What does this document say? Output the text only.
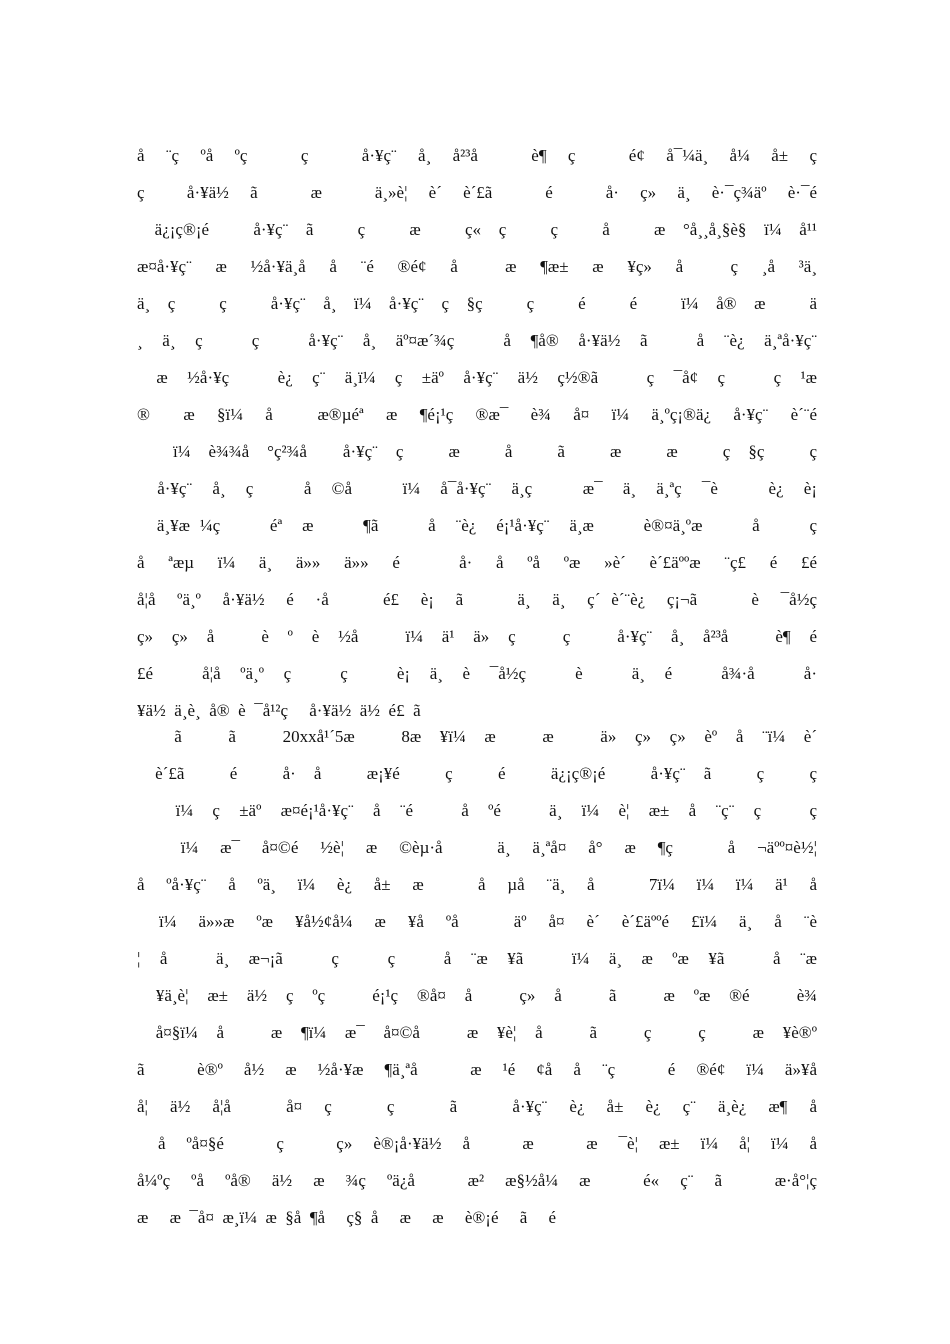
å  ¨ç  ºå  ºç     ç     å·¥ç¨  å¸  å²³å     è¶  ç     é¢  å¯¼ä¸  å¼  å±  ç
ç    å·¥ä½  ã     æ     ä¸»è¦  è´  è´£ã     é     å·  ç»  ä¸  è·¯ç¾äº  è·¯é
ä¿¡ç®¡é     å·¥ç¨  ã     ç     æ     ç«  ç     ç     å     æ  °å¸¸å¸§è§  ï¼  å¹¹
æ¤å·¥ç¨  æ  ½å·¥ä¸å  å  ¨é  ®é¢  å    æ  ¶æ±  æ  ¥ç»  å    ç  ¸å  ³ä¸
ä¸  ç     ç     å·¥ç¨  å¸  ï¼  å·¥ç¨  ç  §ç     ç     é     é     ï¼  å®  æ     ä
¸  ä¸  ç     ç     å·¥ç¨  å¸  äº¤æ´¾ç     å  ¶å®  å·¥ä½  ã     å  ¨è¿  ä¸ªå·¥ç¨
æ  ½å·¥ç     è¿  ç¨  ä¸ï¼  ç  ±äº  å·¥ç¨  ä½  ç½®ã     ç  ¯å¢  ç     ç  ¹æ
®   æ  §ï¼  å    æ®µéª  æ  ¶é¡¹ç  ®æ¯  è¾  å¤  ï¼  ä¸ºç¡®ä¿  å·¥ç¨  è´¨é
ï¼  è¾¾å  °ç²¾å    å·¥ç¨  ç     æ     å     ã     æ     æ     ç  §ç     ç
å·¥ç¨  å¸  ç     å  ©å     ï¼  å¯å·¥ç¨  ä¸ç     æ¯  ä¸  ä¸ªç  ¯è     è¿  è¡
ä¸¥æ ¼ç     éª  æ     ¶ã     å  ¨è¿  é¡¹å·¥ç¨  ä¸æ     è®¤ä¸ºæ     å     ç
å  ªæµ  ï¼  ä¸  ä»»  ä»»  é     å·  å  ºå  ºæ  »è´  è´£äººæ  ¨ç£  é  £é
å¦å  ºä¸º  å·¥ä½  é  ·å     é£  è¡  ã     ä¸  ä¸  ç´ è´¨è¿  ç¡¬ã     è  ¯å½ç
ç»  ç»  å     è  º  è  ½å     ï¼  ä¹  ä»  ç     ç     å·¥ç¨  å¸  å²³å     è¶  é
£é     å¦å  ºä¸º  ç     ç     è¡  ä¸  è  ¯å½ç     è     ä¸  é     å¾·å     å·
¥ä½  ä¸è¸  å®  è  ¯å¹²ç     å·¥ä½  ä½  é£  ã
ã     ã     20xxå¹´5æ     8æ  ¥ï¼  æ     æ     ä»  ç»  ç»  èº  å  ¨ï¼  è´
è´£ã     é     å·  å     æ¡¥é     ç     é     ä¿¡ç®¡é     å·¥ç¨  ã     ç     ç
ï¼  ç  ±äº  æ¤é¡¹å·¥ç¨  å  ¨é     å  ºé     ä¸  ï¼  è¦  æ±  å  ¨ç¨  ç     ç
ï¼  æ¯  å¤©é  ½è¦  æ  ©èµ·å     ä¸  ä¸ªå¤  å°  æ  ¶ç     å  ¬äºº¤è½¦
å  ºå·¥ç¨  å  ºä¸  ï¼  è¿  å±  æ     å  µå  ¨ä¸  å     7ï¼  ï¼  ï¼  ä¹  å
ï¼  ä»»æ  ºæ  ¥å½¢å¼  æ  ¥å  ºå     äº  å¤  è´  è´£äººé  £ï¼  ä¸  å  ¨è
¦  å     ä¸  æ¬¡ã     ç     ç     å  ¨æ  ¥ã     ï¼  ä¸  æ  ºæ  ¥ã     å  ¨æ
¥ä¸è¦  æ±  ä½  ç  ºç     é¡¹ç  ®å¤  å     ç»  å     ã     æ  ºæ  ®é     è¾
å¤§ï¼  å     æ  ¶ï¼  æ¯  å¤©å     æ  ¥è¦  å     ã     ç     ç     æ  ¥è®º
ã     è®º  å½  æ  ½å·¥æ  ¶ä¸ªå     æ  ¹é  ¢å  å  ¨ç     é  ®é¢  ï¼  ä»¥å
å¦  ä½  å¦å     å¤  ç     ç     ã     å·¥ç¨  è¿  å±  è¿  ç¨  ä¸è¿  æ¶  å
å  ºå¤§é     ç     ç»  è®¡å·¥ä½  å     æ     æ  ¯è¦  æ±  ï¼  å¦  ï¼  å
å¼ºç  ºå  ºå®  ä½  æ  ¾ç  ºä¿å     æ²  æ§½å¼  æ     é«  ç¨  ã     æ·å°¦ç
æ     æ  ¯å¤  æ¸ï¼  æ  §å  ¶å     ç§  å     æ     æ     è®¡é     ã     é
